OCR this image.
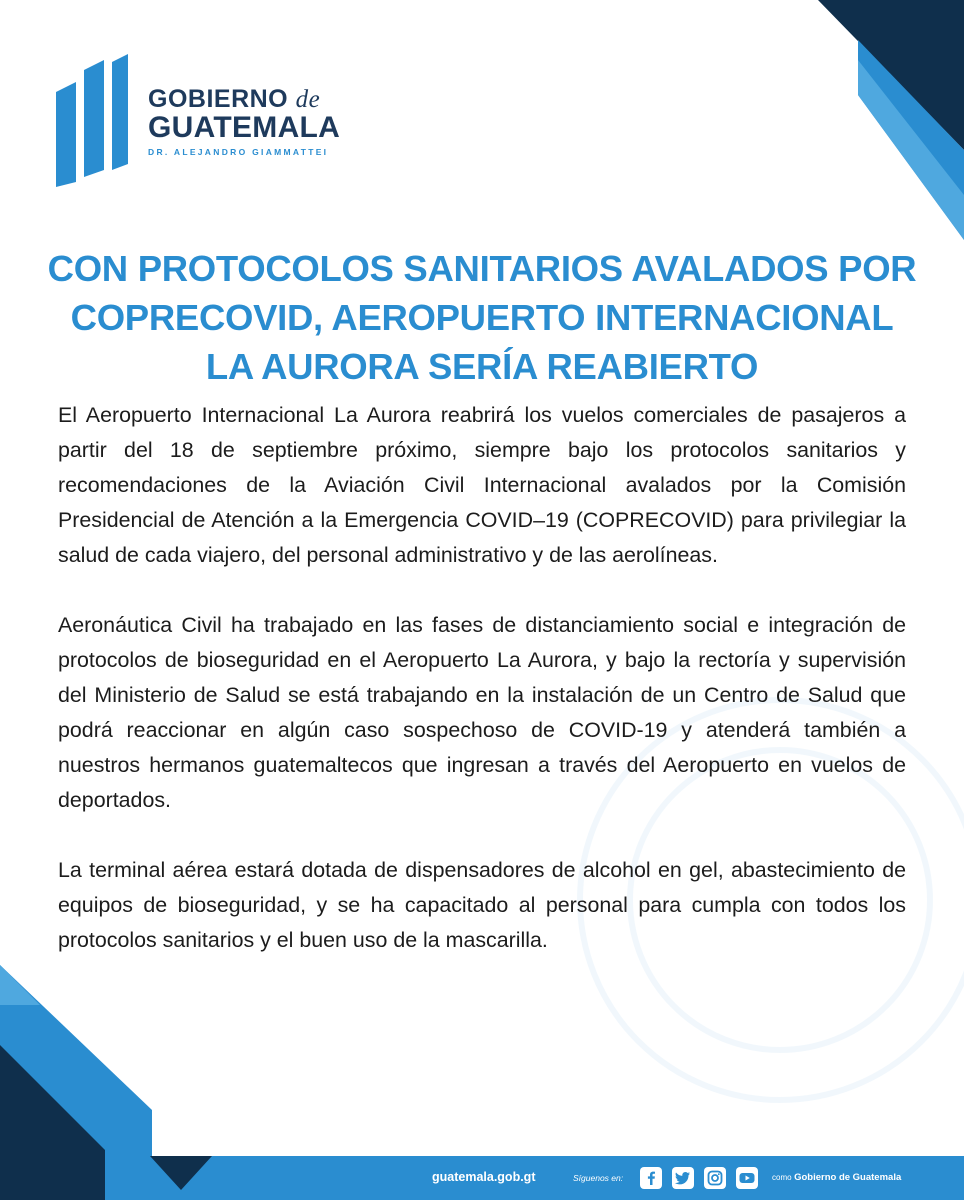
GOBIERNO de
GUATEMALA
DR. ALEJANDRO GIAMMATTEI
CON PROTOCOLOS SANITARIOS AVALADOS POR
COPRECOVID, AEROPUERTO INTERNACIONAL
LA AURORA SERÍA REABIERTO

El Aeropuerto Internacional La Aurora reabrirá los vuelos comerciales de pasajeros a partir del 18 de septiembre próximo, siempre bajo los protocolos sanitarios y recomendaciones de la Aviación Civil Internacional avalados por la Comisión Presidencial de Atención a la Emergencia COVID–19 (COPRECOVID) para privilegiar la salud de cada viajero, del personal administrativo y de las aerolíneas.

Aeronáutica Civil ha trabajado en las fases de distanciamiento social e integración de protocolos de bioseguridad en el Aeropuerto La Aurora, y bajo la rectoría y supervisión del Ministerio de Salud se está trabajando en la instalación de un Centro de Salud que podrá reaccionar en algún caso sospechoso de COVID-19 y atenderá también a nuestros hermanos guatemaltecos que ingresan a través del Aeropuerto en vuelos de deportados.

La terminal aérea estará dotada de dispensadores de alcohol en gel, abastecimiento de equipos de bioseguridad, y se ha capacitado al personal para cumpla con todos los protocolos sanitarios y el buen uso de la mascarilla.

guatemala.gob.gt	Síguenos en:	como Gobierno de Guatemala
